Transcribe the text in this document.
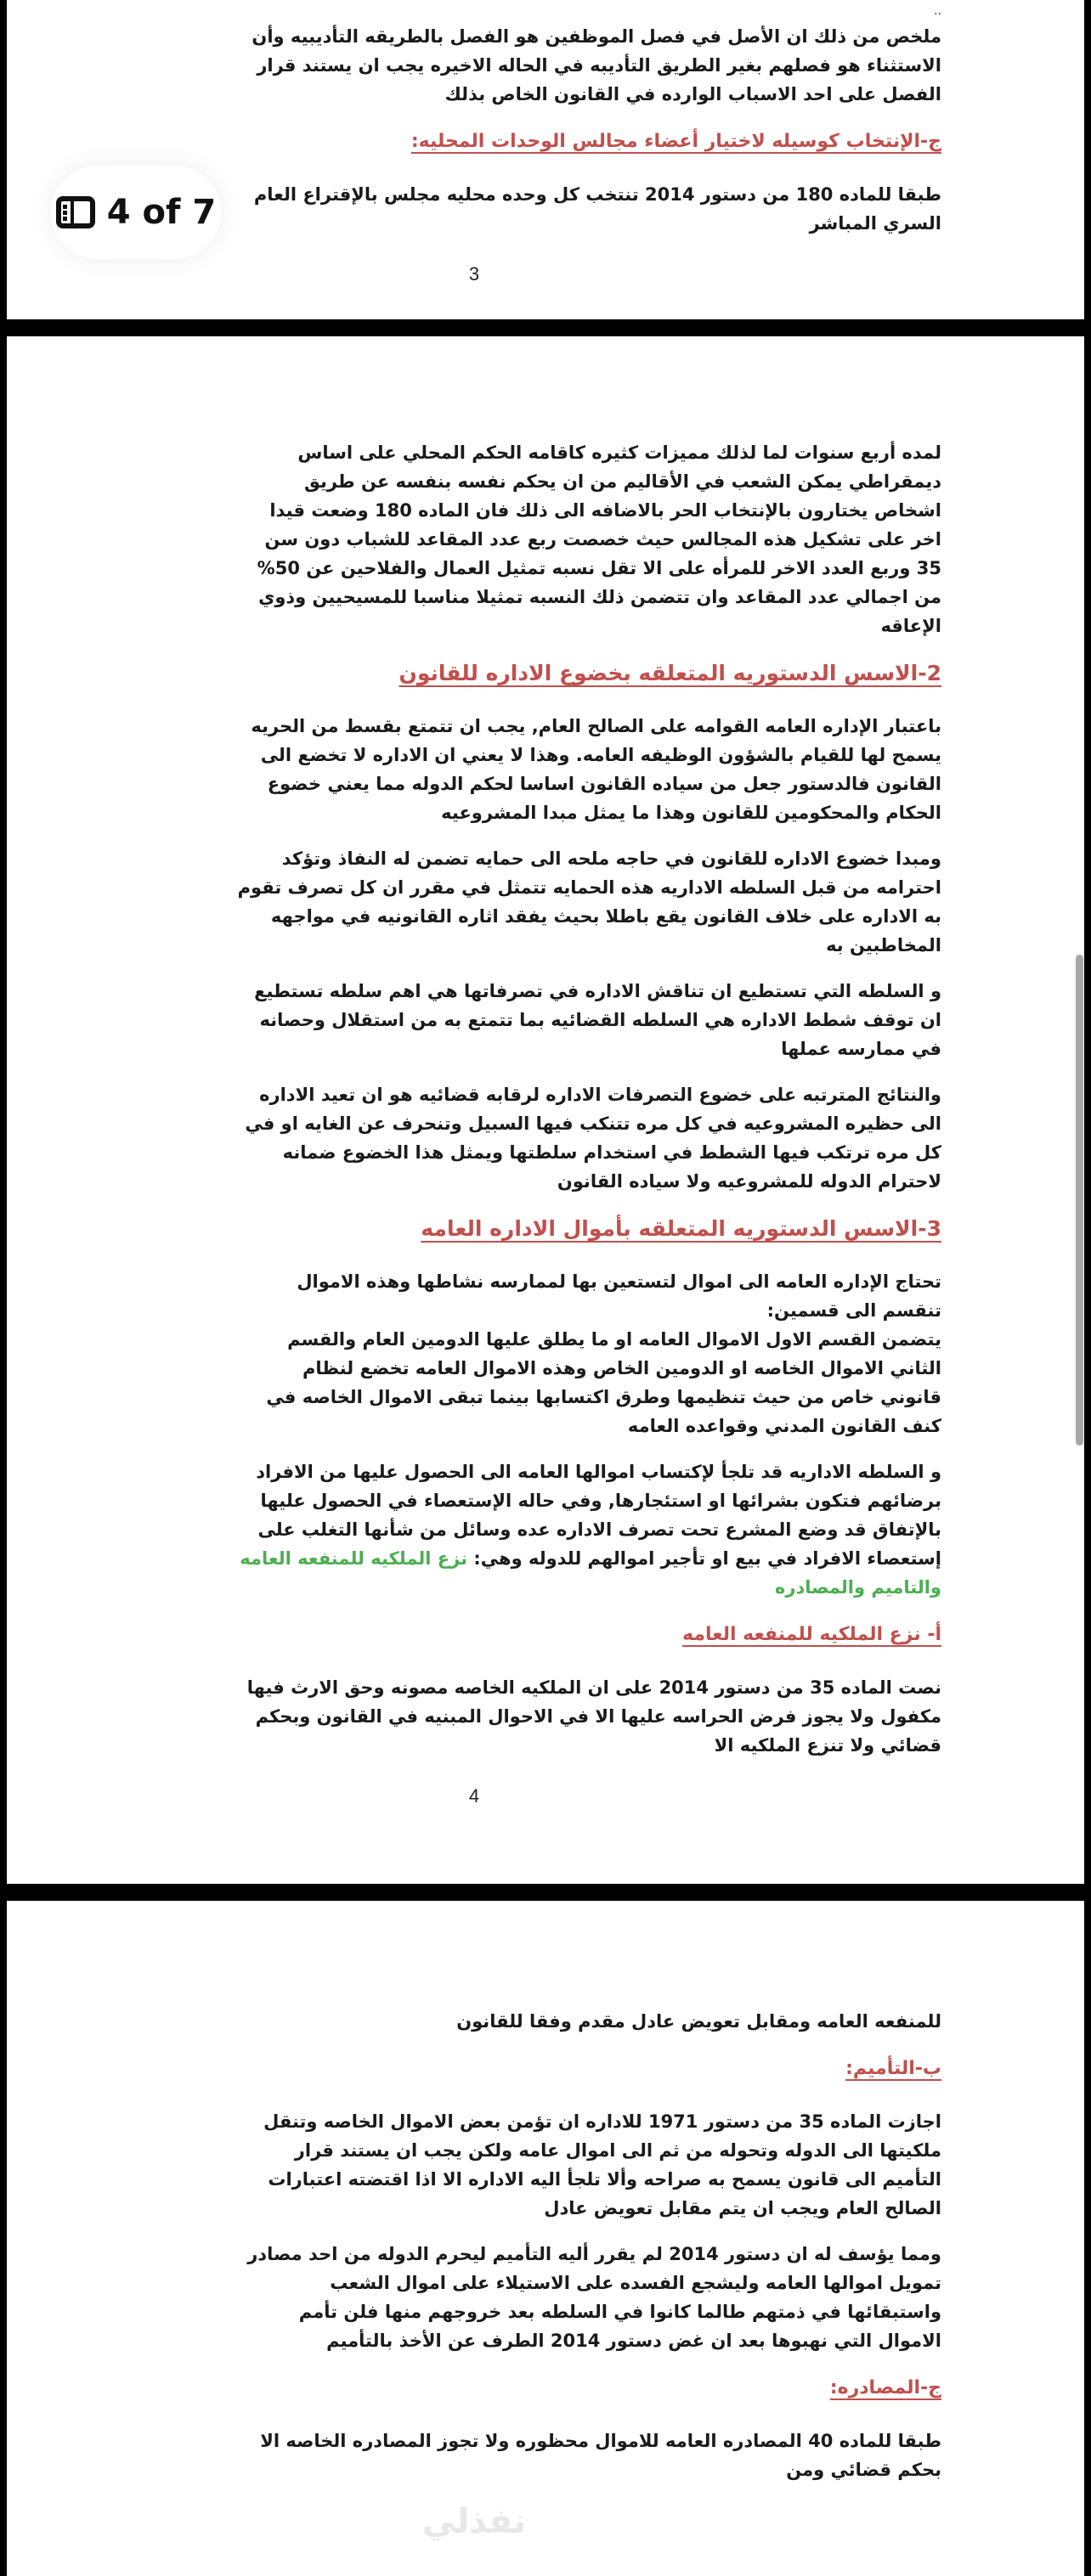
..
ملخص من ذلك ان الأصل في فصل الموظفين هو الفصل بالطريقه التأديبيه وأن الاستثناء هو فصلهم بغير الطريق التأديبه في الحاله الاخيره يجب ان يستند قرار الفصل على احد الاسباب الوارده في القانون الخاص بذلك
ج-الإنتخاب كوسيله لاختيار أعضاء مجالس الوحدات المحليه:
طبقا للماده 180 من دستور 2014 تنتخب كل وحده محليه مجلس بالإقتراع العام السري المباشر
3
4 of 7
لمده أربع سنوات لما لذلك مميزات كثيره كاقامه الحكم المحلي على اساس ديمقراطي يمكن الشعب في الأقاليم من ان يحكم نفسه بنفسه عن طريق اشخاص يختارون بالإنتخاب الحر بالاضافه الى ذلك فان الماده 180 وضعت قيدا اخر على تشكيل هذه المجالس حيث خصصت ربع عدد المقاعد للشباب دون سن 35 وربع العدد الاخر للمرأه على الا تقل نسبه تمثيل العمال والفلاحين عن 50% من اجمالي عدد المقاعد وان تتضمن ذلك النسبه تمثيلا مناسبا للمسيحيين وذوي الإعاقه
2-الاسس الدستوريه المتعلقه بخضوع الاداره للقانون
باعتبار الإداره العامه القوامه على الصالح العام, يجب ان تتمتع بقسط من الحريه يسمح لها للقيام بالشؤون الوظيفه العامه. وهذا لا يعني ان الاداره لا تخضع الى القانون فالدستور جعل من سياده القانون اساسا لحكم الدوله مما يعني خضوع الحكام والمحكومين للقانون وهذا ما يمثل مبدا المشروعيه
ومبدا خضوع الاداره للقانون في حاجه ملحه الى حمايه تضمن له النفاذ وتؤكد احترامه من قبل السلطه الاداريه هذه الحمايه تتمثل في مقرر ان كل تصرف تقوم به الاداره على خلاف القانون يقع باطلا بحيث يفقد اثاره القانونيه في مواجهه المخاطبين به
و السلطه التي تستطيع ان تناقش الاداره في تصرفاتها هي اهم سلطه تستطيع ان توقف شطط الاداره هي السلطه القضائيه بما تتمتع به من استقلال وحصانه في ممارسه عملها
والنتائج المترتبه على خضوع التصرفات الاداره لرقابه قضائيه هو ان تعيد الاداره الى حظيره المشروعيه في كل مره تتنكب فيها السبيل وتنحرف عن الغايه او في كل مره ترتكب فيها الشطط في استخدام سلطتها ويمثل هذا الخضوع ضمانه لاحترام الدوله للمشروعيه ولا سياده القانون
3-الاسس الدستوريه المتعلقه بأموال الاداره العامه
تحتاج الإداره العامه الى اموال لتستعين بها لممارسه نشاطها وهذه الاموال تنقسم الى قسمين:
يتضمن القسم الاول الاموال العامه او ما يطلق عليها الدومين العام والقسم الثاني الاموال الخاصه او الدومين الخاص وهذه الاموال العامه تخضع لنظام قانوني خاص من حيث تنظيمها وطرق اكتسابها بينما تبقى الاموال الخاصه في كنف القانون المدني وقواعده العامه
و السلطه الاداريه قد تلجأ لإكتساب اموالها العامه الى الحصول عليها من الافراد برضائهم فتكون بشرائها او استئجارها, وفي حاله الإستعصاء في الحصول عليها بالإتفاق قد وضع المشرع تحت تصرف الاداره عده وسائل من شأنها التغلب على إستعصاء الافراد في بيع او تأجير اموالهم للدوله وهي: نزع الملكيه للمنفعه العامه والتاميم والمصادره
أ- نزع الملكيه للمنفعه العامه
نصت الماده 35 من دستور 2014 على ان الملكيه الخاصه مصونه وحق الارث فيها مكفول ولا يجوز فرض الحراسه عليها الا في الاحوال المبنيه في القانون وبحكم قضائي ولا تنزع الملكيه الا
4
للمنفعه العامه ومقابل تعويض عادل مقدم وفقا للقانون
ب-التأميم:
اجازت الماده 35 من دستور 1971 للاداره ان تؤمن بعض الاموال الخاصه وتنقل ملكيتها الى الدوله وتحوله من ثم الى اموال عامه ولكن يجب ان يستند قرار التأميم الى قانون يسمح به صراحه وألا تلجأ اليه الاداره الا اذا اقتضته اعتبارات الصالح العام ويجب ان يتم مقابل تعويض عادل
ومما يؤسف له ان دستور 2014 لم يقرر أليه التأميم ليحرم الدوله من احد مصادر تمويل اموالها العامه وليشجع الفسده على الاستيلاء على اموال الشعب واستبقائها في ذمتهم طالما كانوا في السلطه بعد خروجهم منها فلن تأمم الاموال التي نهبوها بعد ان غض دستور 2014 الطرف عن الأخذ بالتأميم
ج-المصادره:
طبقا للماده 40 المصادره العامه للاموال محظوره ولا تجوز المصادره الخاصه الا بحكم قضائي ومن
نفذلي
